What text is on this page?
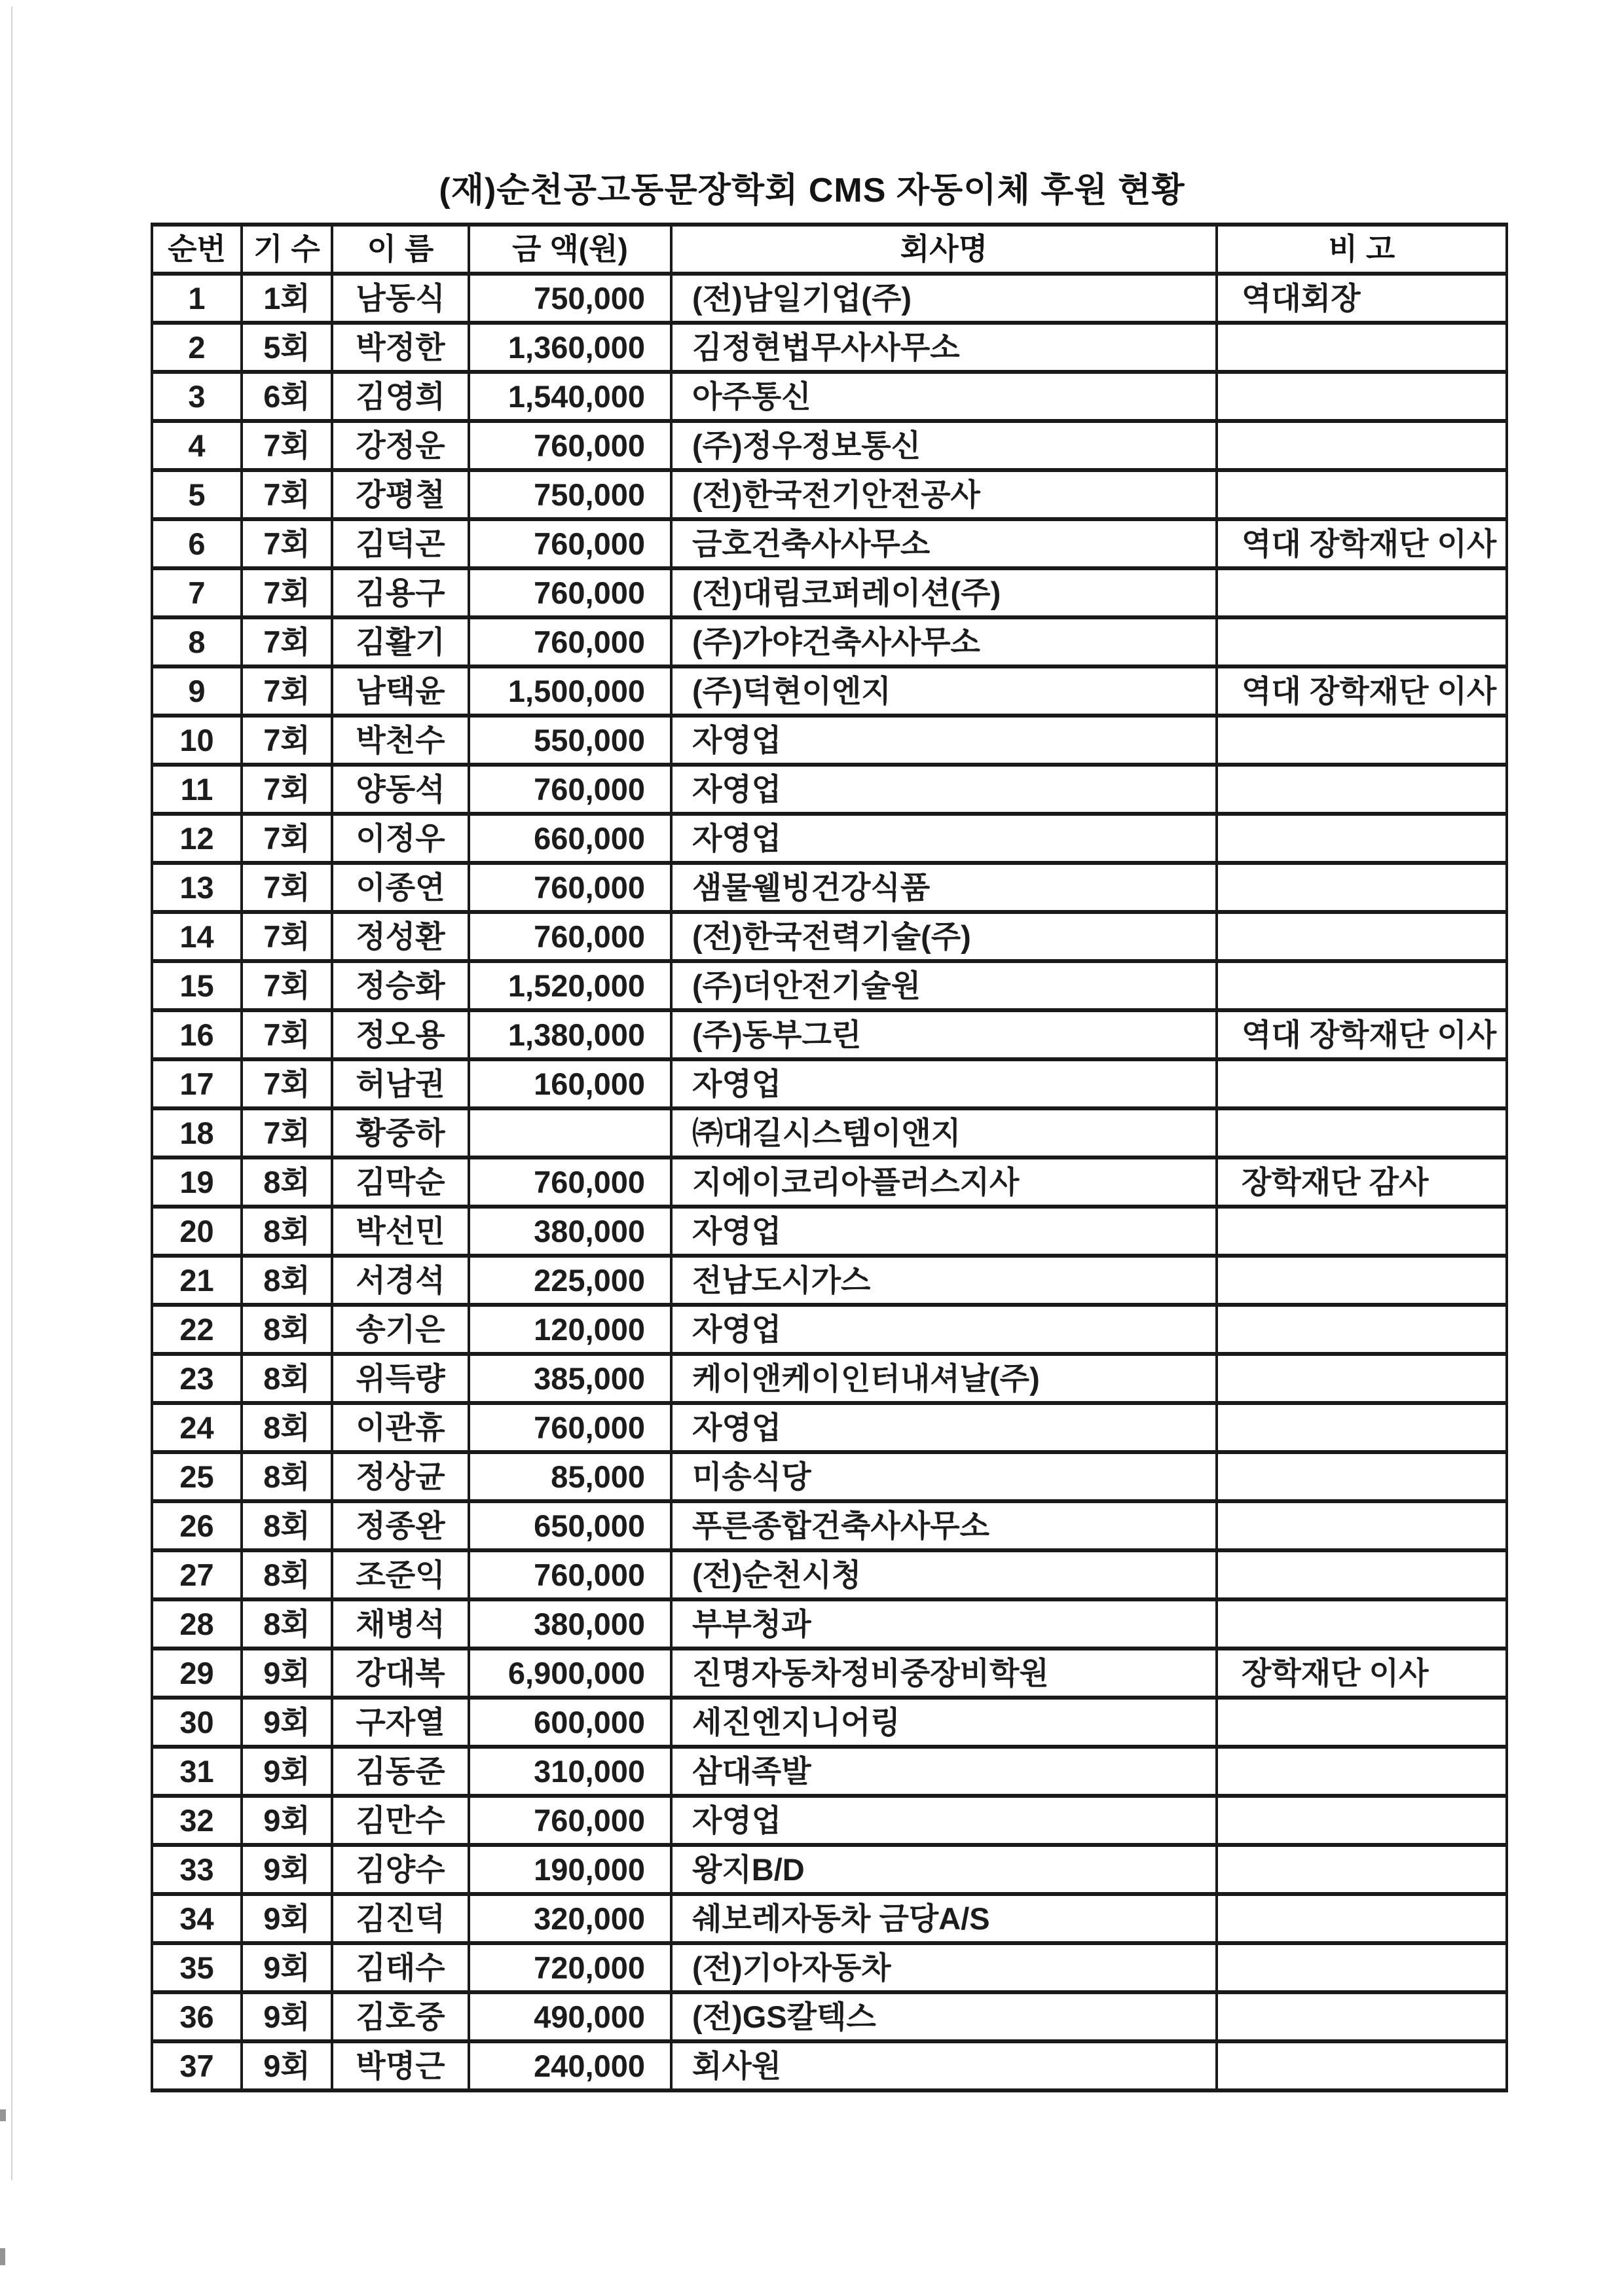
(재)순천공고동문장학회 CMS 자동이체 후원 현황
순번	기 수	이 름	금 액(원)	회사명	비 고
1	1회	남동식	750,000	(전)남일기업(주)	역대회장
2	5회	박정한	1,360,000	김정현법무사사무소	
3	6회	김영희	1,540,000	아주통신	
4	7회	강정운	760,000	(주)정우정보통신	
5	7회	강평철	750,000	(전)한국전기안전공사	
6	7회	김덕곤	760,000	금호건축사사무소	역대 장학재단 이사
7	7회	김용구	760,000	(전)대림코퍼레이션(주)	
8	7회	김활기	760,000	(주)가야건축사사무소	
9	7회	남택윤	1,500,000	(주)덕현이엔지	역대 장학재단 이사
10	7회	박천수	550,000	자영업	
11	7회	양동석	760,000	자영업	
12	7회	이정우	660,000	자영업	
13	7회	이종연	760,000	샘물웰빙건강식품	
14	7회	정성환	760,000	(전)한국전력기술(주)	
15	7회	정승화	1,520,000	(주)더안전기술원	
16	7회	정오용	1,380,000	(주)동부그린	역대 장학재단 이사
17	7회	허남권	160,000	자영업	
18	7회	황중하		㈜대길시스템이앤지	
19	8회	김막순	760,000	지에이코리아플러스지사	장학재단 감사
20	8회	박선민	380,000	자영업	
21	8회	서경석	225,000	전남도시가스	
22	8회	송기은	120,000	자영업	
23	8회	위득량	385,000	케이앤케이인터내셔날(주)	
24	8회	이관휴	760,000	자영업	
25	8회	정상균	85,000	미송식당	
26	8회	정종완	650,000	푸른종합건축사사무소	
27	8회	조준익	760,000	(전)순천시청	
28	8회	채병석	380,000	부부청과	
29	9회	강대복	6,900,000	진명자동차정비중장비학원	장학재단 이사
30	9회	구자열	600,000	세진엔지니어링	
31	9회	김동준	310,000	삼대족발	
32	9회	김만수	760,000	자영업	
33	9회	김양수	190,000	왕지B/D	
34	9회	김진덕	320,000	쉐보레자동차 금당A/S	
35	9회	김태수	720,000	(전)기아자동차	
36	9회	김호중	490,000	(전)GS칼텍스	
37	9회	박명근	240,000	회사원	
